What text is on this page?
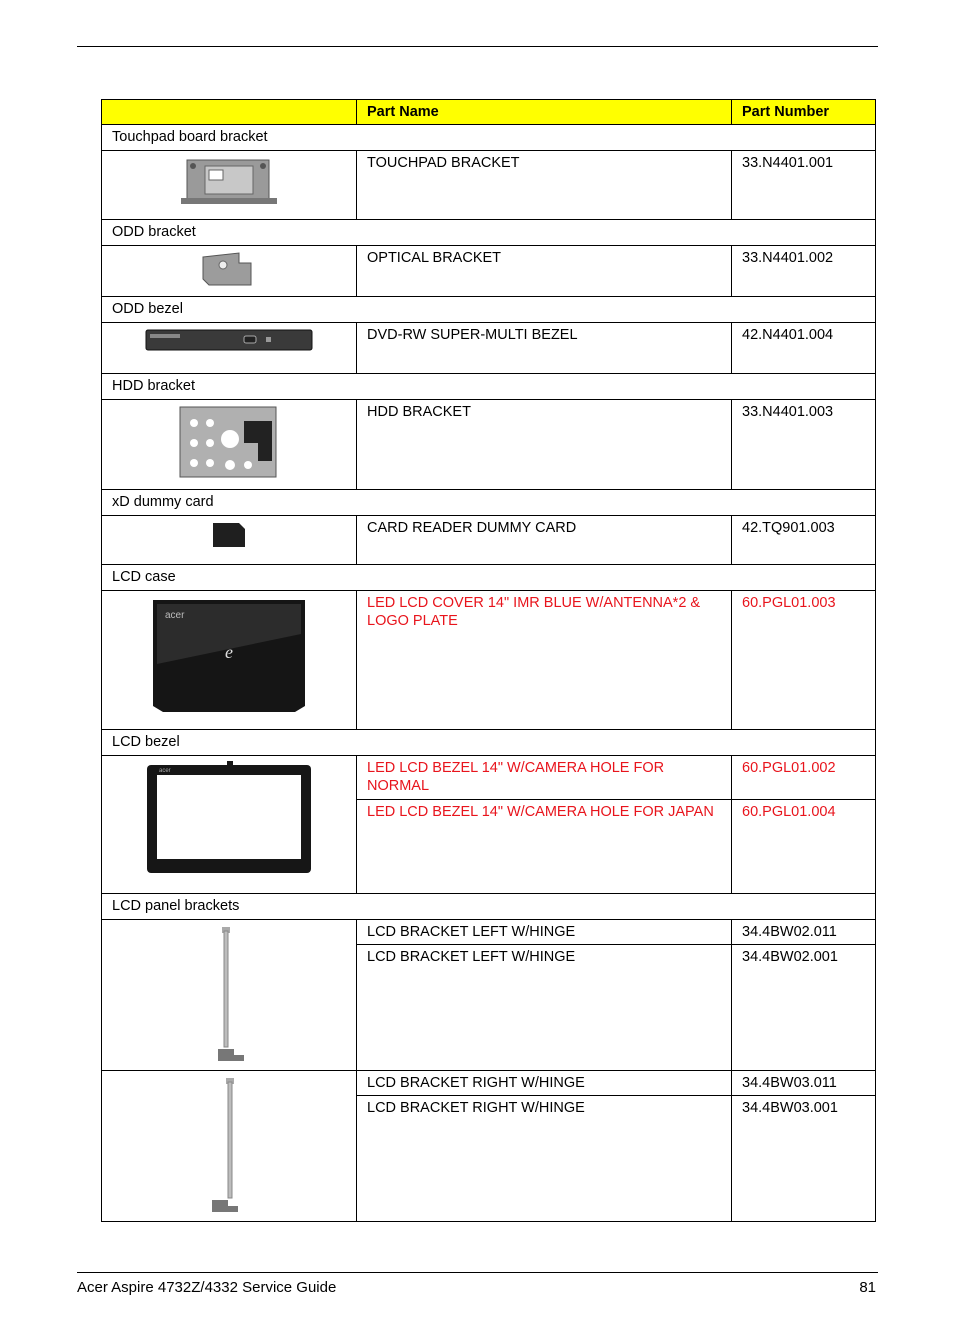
	Part Name	Part Number
Touchpad board bracket		

	TOUCHPAD BRACKET	33.N4401.001
ODD bracket		

	OPTICAL BRACKET	33.N4401.002
ODD bezel		

	DVD-RW SUPER-MULTI BEZEL	42.N4401.004
HDD bracket		

	HDD BRACKET	33.N4401.003
xD dummy card		

	CARD READER DUMMY CARD	42.TQ901.003
LCD case		

acer
e	LED LCD COVER 14" IMR BLUE W/ANTENNA*2 & LOGO PLATE	60.PGL01.003
LCD bezel		

acer	LED LCD BEZEL 14" W/CAMERA HOLE FOR NORMAL	60.PGL01.002
	LED LCD BEZEL 14" W/CAMERA HOLE FOR JAPAN	60.PGL01.004
LCD panel brackets		

	LCD BRACKET LEFT W/HINGE	34.4BW02.011
	LCD BRACKET LEFT W/HINGE	34.4BW02.001

	LCD BRACKET RIGHT W/HINGE	34.4BW03.011
	LCD BRACKET RIGHT W/HINGE	34.4BW03.001
Acer Aspire 4732Z/4332 Service Guide	81
